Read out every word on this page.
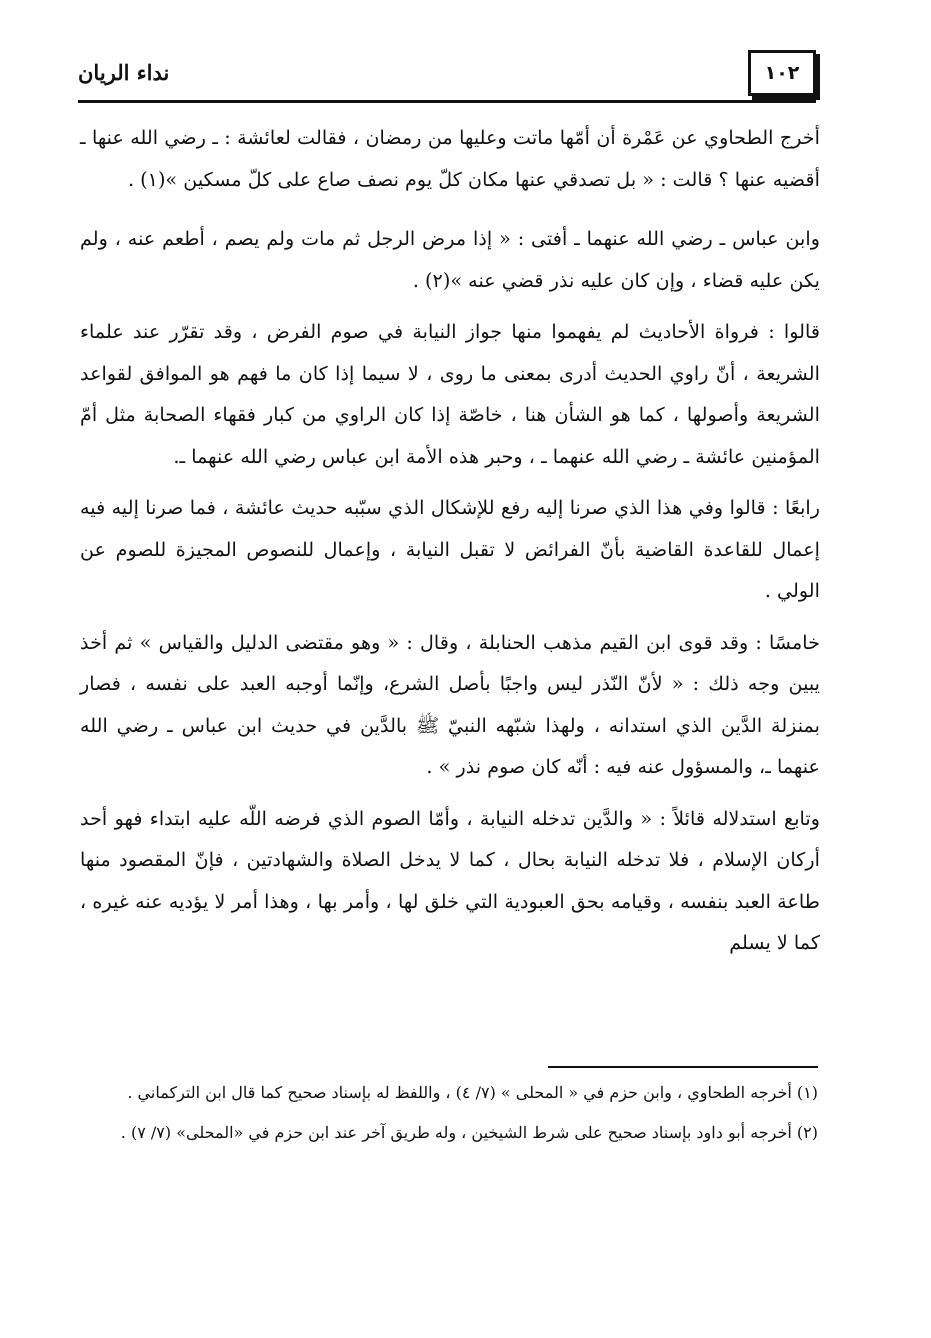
١٠٢
نداء الريان

أخرج الطحاوي عن عَمْرة أن أمّها ماتت وعليها من رمضان ، فقالت لعائشة : ـ رضي الله عنها ـ أقضيه عنها ؟ قالت : « بل تصدقي عنها مكان كلّ يوم نصف صاع على كلّ مسكين »(١) .

وابن عباس ـ رضي الله عنهما ـ أفتى : « إذا مرض الرجل ثم مات ولم يصم ، أطعم عنه ، ولم يكن عليه قضاء ، وإن كان عليه نذر قضي عنه »(٢) .

قالوا : فرواة الأحاديث لم يفهموا منها جواز النيابة في صوم الفرض ، وقد تقرّر عند علماء الشريعة ، أنّ راوي الحديث أدرى بمعنى ما روى ، لا سيما إذا كان ما فهم هو الموافق لقواعد الشريعة وأصولها ، كما هو الشأن هنا ، خاصّة إذا كان الراوي من كبار فقهاء الصحابة مثل أمّ المؤمنين عائشة ـ رضي الله عنهما ـ ، وحبر هذه الأمة ابن عباس رضي الله عنهما ـ.

رابعًا : قالوا وفي هذا الذي صرنا إليه رفع للإشكال الذي سبّبه حديث عائشة ، فما صرنا إليه فيه إعمال للقاعدة القاضية بأنّ الفرائض لا تقبل النيابة ، وإعمال للنصوص المجيزة للصوم عن الولي .

خامسًا : وقد قوى ابن القيم مذهب الحنابلة ، وقال : « وهو مقتضى الدليل والقياس » ثم أخذ يبين وجه ذلك : « لأنّ النّذر ليس واجبًا بأصل الشرع، وإنّما أوجبه العبد على نفسه ، فصار بمنزلة الدَّين الذي استدانه ، ولهذا شبّهه النبيّ ﷺ بالدَّين في حديث ابن عباس ـ رضي الله عنهما ـ، والمسؤول عنه فيه : أنّه كان صوم نذر » .

وتابع استدلاله قائلاً : « والدَّين تدخله النيابة ، وأمّا الصوم الذي فرضه اللّه عليه ابتداء فهو أحد أركان الإسلام ، فلا تدخله النيابة بحال ، كما لا يدخل الصلاة والشهادتين ، فإنّ المقصود منها طاعة العبد بنفسه ، وقيامه بحق العبودية التي خلق لها ، وأمر بها ، وهذا أمر لا يؤديه عنه غيره ، كما لا يسلم

(١) أخرجه الطحاوي ، وابن حزم في « المحلى » (٧/ ٤) ، واللفظ له بإسناد صحيح كما قال ابن التركماني .

(٢) أخرجه أبو داود بإسناد صحيح على شرط الشيخين ، وله طريق آخر عند ابن حزم في «المحلى» (٧/ ٧) .
